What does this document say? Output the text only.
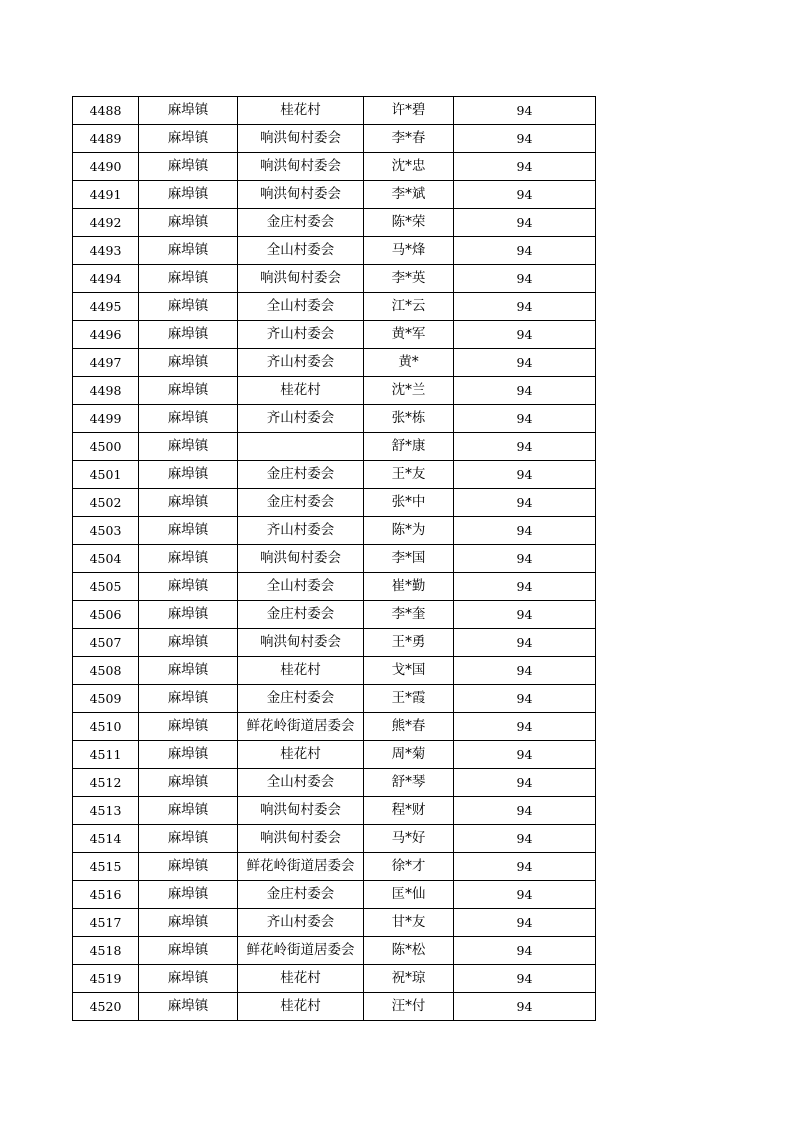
4488	麻埠镇	桂花村	许*碧	94
4489	麻埠镇	响洪甸村委会	李*春	94
4490	麻埠镇	响洪甸村委会	沈*忠	94
4491	麻埠镇	响洪甸村委会	李*斌	94
4492	麻埠镇	金庄村委会	陈*荣	94
4493	麻埠镇	全山村委会	马*烽	94
4494	麻埠镇	响洪甸村委会	李*英	94
4495	麻埠镇	全山村委会	江*云	94
4496	麻埠镇	齐山村委会	黄*军	94
4497	麻埠镇	齐山村委会	黄*	94
4498	麻埠镇	桂花村	沈*兰	94
4499	麻埠镇	齐山村委会	张*栋	94
4500	麻埠镇		舒*康	94
4501	麻埠镇	金庄村委会	王*友	94
4502	麻埠镇	金庄村委会	张*中	94
4503	麻埠镇	齐山村委会	陈*为	94
4504	麻埠镇	响洪甸村委会	李*国	94
4505	麻埠镇	全山村委会	崔*勤	94
4506	麻埠镇	金庄村委会	李*奎	94
4507	麻埠镇	响洪甸村委会	王*勇	94
4508	麻埠镇	桂花村	戈*国	94
4509	麻埠镇	金庄村委会	王*霞	94
4510	麻埠镇	鲜花岭街道居委会	熊*春	94
4511	麻埠镇	桂花村	周*菊	94
4512	麻埠镇	全山村委会	舒*琴	94
4513	麻埠镇	响洪甸村委会	程*财	94
4514	麻埠镇	响洪甸村委会	马*好	94
4515	麻埠镇	鲜花岭街道居委会	徐*才	94
4516	麻埠镇	金庄村委会	匡*仙	94
4517	麻埠镇	齐山村委会	甘*友	94
4518	麻埠镇	鲜花岭街道居委会	陈*松	94
4519	麻埠镇	桂花村	祝*琼	94
4520	麻埠镇	桂花村	汪*付	94
